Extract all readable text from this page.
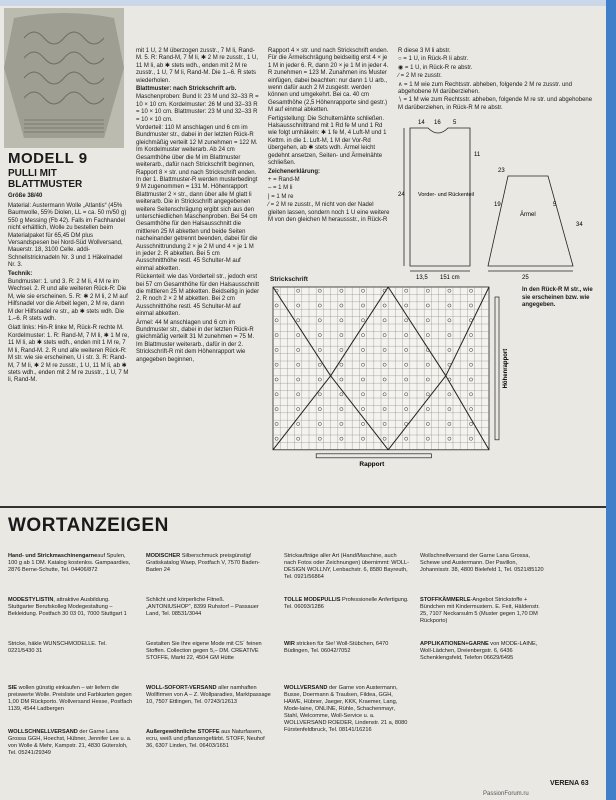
MODELL 9
PULLI MIT BLATTMUSTER
Größe 38/40

Material: Austermann Wolle „Atlantis“ (45% Baumwolle, 55% Diolen, LL = ca. 50 m/50 g) 550 g Messing (Fb 42). Falls im Fachhandel nicht erhältlich, Wolle zu bestellen beim Materialpaket für 65,45 DM plus Versandspesen bei Nord-Süd Wollversand, Mauerstr. 18, 3100 Celle. addi-Schnellstricknadeln Nr. 3 und 1 Häkelnadel Nr. 3.

Technik:

Bundmuster: 1. und 3. R: 2 M li, 4 M re im Wechsel. 2. R und alle weiteren Rück-R: Die M, wie sie erscheinen. 5. R: ✱ 2 M li, 2 M auf Hilfsnadel vor die Arbeit legen, 2 M re, dann M der Hilfsnadel re str., ab ✱ stets wdh. Die 1.–6. R stets wdh.

Glatt links: Hin-R linke M, Rück-R rechte M.

Kordelmuster: 1. R: Rand-M, 7 M li, ✱ 1 M re, 11 M li, ab ✱ stets wdh., enden mit 1 M re, 7 M li, Rand-M. 2. R und alle weiteren Rück-R: M str. wie sie erscheinen, U i str. 3. R: Rand-M, 7 M li, ✱ 2 M re zusstr., 1 U, 11 M li, ab ✱ stets wdh., enden mit 2 M re zusstr., 1 U, 7 M li, Rand-M.

mit 1 U, 2 M überzogen zusstr., 7 M li, Rand-M. 5. R: Rand-M, 7 M li, ✱ 2 M re zusstr., 1 U, 11 M li, ab ✱ stets wdh., enden mit 2 M re zusstr., 1 U, 7 M li, Rand-M. Die 1.–6. R stets wiederholen.

Blattmuster: nach Strickschrift arb.

Maschenproben: Bund li: 23 M und 32–33 R = 10 × 10 cm. Kordelmuster: 26 M und 32–33 R = 10 × 10 cm. Blattmuster: 23 M und 32–33 R = 10 × 10 cm.

Vorderteil: 110 M anschlagen und 6 cm im Bundmuster str., dabei in der letzten Rück-R gleichmäßig verteilt 12 M zunehmen = 122 M. Im Kordelmuster weiterarb. Ab 24 cm Gesamthöhe über die M im Blattmuster weiterarb., dafür nach Strickschrift beginnen, Rapport 8 × str. und nach Strickschrift enden. In der 1. Blattmuster-R werden musterbedingt 9 M zugenommen = 131 M. Höhenrapport Blattmuster 2 × str., dann über alle M glatt li weiterarb. Die in Strickschrift angegebenen weitere Seitenschrägung ergibt sich aus den unterschiedlichen Maschenproben. Bei 54 cm Gesamthöhe für den Halsausschnitt die mittleren 25 M abketten und beide Seiten nacheinander getrennt beenden, dabei für die Ausschnittrundung 2 × je 2 M und 4 × je 1 M in jeder 2. R abketten. Bei 5 cm Ausschnitthöhe restl. 45 Schulter-M auf einmal abketten.

Rückenteil: wie das Vorderteil str., jedoch erst bei 57 cm Gesamthöhe für den Halsausschnitt die mittleren 25 M abketten. Beidseitig in jeder 2. R noch 2 × 2 M abketten. Bei 2 cm Ausschnitthöhe restl. 45 Schulter-M auf einmal abketten.

Ärmel: 44 M anschlagen und 6 cm im Bundmuster str., dabei in der letzten Rück-R gleichmäßig verteilt 31 M zunehmen = 75 M. Im Blattmuster weiterarb., dafür in der 2. Strickschrift-R mit dem Höhenrapport wie angegeben beginnen,

Rapport 4 × str. und nach Strickschrift enden. Für die Ärmelschrägung beidseitig erst 4 × je 1 M in jeder 6. R, dann 20 × je 1 M in jeder 4. R zunehmen = 123 M. Zunahmen ins Muster einfügen, dabei beachten: nur dann 1 U arb., wenn dafür auch 2 M zusgestr. werden können und umgekehrt. Bei ca. 40 cm Gesamthöhe (2,5 Höhenrapporte sind gestr.) M auf einmal abketten.

Fertigstellung: Die Schulternähte schließen. Halsausschnittrand mit 1 Rd fe M und 1 Rd wie folgt umhäkeln: ✱ 1 fe M, 4 Luft-M und 1 Kettm. in die 1. Luft-M, 1 M der Vor-Rd übergehen, ab ✱ stets wdh. Ärmel leicht gedehnt ansetzen, Seiten- und Ärmelnähte schließen.

Zeichenerklärung:

+ = Rand-M

– = 1 M li

| = 1 M re

⁄ = 2 M re zusstr., M nicht von der Nadel gleiten lassen, sondern noch 1 U eine weitere M von den gleichen M heraussstr., in Rück-R

R diese 3 M li abstr.

○ = 1 U, in Rück-R li abstr.

◉ = 1 U, in Rück-R re abstr.

∕ = 2 M re zusstr.

∧ = 1 M wie zum Rechtsstr. abheben, folgende 2 M re zusstr. und abgehobene M darüberziehen.

∖ = 1 M wie zum Rechtsstr. abheben, folgende M re str. und abgehobene M darüberziehen, in Rück-R M re abstr.

14 16 5
24
11
Vorder- und Rückenteil
Ärmel
23
13,5 151 cm
34
25
19	5
Strickschrift
Höhenrapport
Rapport
In den Rück-R M str., wie sie erscheinen bzw. wie angegeben.
WORTANZEIGEN
Hand- und Strickmaschinengarneauf Spulen, 100 g ab 1 DM. Katalog kostenlos. Gampaardies, 2876 Berne-Schutte, Tel. 04406/872
MODESTYLISTIN, attraktive Ausbildung. Stuttgarter Berufskolleg Modegestaltung – Bekleidung. Postfach 30 03 01, 7000 Stuttgart 1
Stricke, häkle WUNSCHMODELLE. Tel. 0221/5430 31
SIE wollen günstig einkaufen – wir liefern die preiswerte Wolle. Preisliste und Farbkarten gegen 1,00 DM Rückporto. Wollversand Hesse, Postfach 1139, 4544 Ladbergen
WOLLSCHNELLVERSAND der Garne Lana Grossa GGH, Hoechst, Hübner, Jennifer Lee u. a. von Wolle & Mehr, Kampstr. 21, 4830 Gütersloh, Tel. 05241/29349
MODISCHER Silberschmuck preisgünstig! Gratiskatalog Waep, Postfach V, 7570 Baden-Baden 24
Schlicht und körperliche Fitneß. „ANTONIUSHOP“, 8399 Ruhstorf – Passauer Land, Tel. 08531/3044
Gestalten Sie Ihre eigene Mode mit CS´ feinen Stoffen. Collection gegen 5,– DM. CREATIVE STOFFE, Markt 22, 4504 GM Hütte
WOLL-SOFORT-VERSAND aller namhaften Wollfirmen von A – Z. Wollparadies, Marktpassage 10, 7507 Ettlingen, Tel. 07243/12613
Außergewöhnliche STOFFE aus Naturfasern, ecru, weiß und pflanzengefärbt. STOFF, Neuhof 36, 6307 Linden, Tel. 06403/1651
Strickaufträge aller Art (Hand/Maschine, auch nach Fotos oder Zeichnungen) übernimmt: WOLL-DESIGN WOLLNY, Lenbachstr. 6, 8580 Bayreuth, Tel. 0921/56864
TOLLE MODEPULLIS Professionelle Anfertigung. Tel. 06093/1286
WIR stricken für Sie! Woll-Stübchen, 6470 Büdingen, Tel. 06042/7052
WOLLVERSAND der Garne von Austermann, Busse, Doermann & Traulsen, Fildea, GGH, HAWE, Hübner, Jaeger, KKK, Kraemer, Lang, Mode-laine, ONLINE, Rühle, Schachenmayr, Stahl, Welcomme, Woll-Service u. a. WOLLVERSAND ROEDER, Lindenstr. 21 a, 8080 Fürstenfeldbruck, Tel. 08141/16216
Wollschnellversand der Garne Lana Grossa, Schewe und Austermann. Der Pavillon, Johannisstr. 38, 4800 Bielefeld 1, Tel. 0521/85120
STOFFKÄMMERLE-Angebot Strickstoffe + Bündchen mit Kindermustern. E. Feit, Häldenstr. 25, 7107 Neckarsulm 5 (Muster gegen 1,70 DM Rückporto)
APPLIKATIONEN+GARNE von MODE-LAINE, Woll-Lädchen, Dreienbergstr. 6, 6436 Schenklengsfeld, Telefon 06629/6495
VERENA 63
PassionForum.ru
